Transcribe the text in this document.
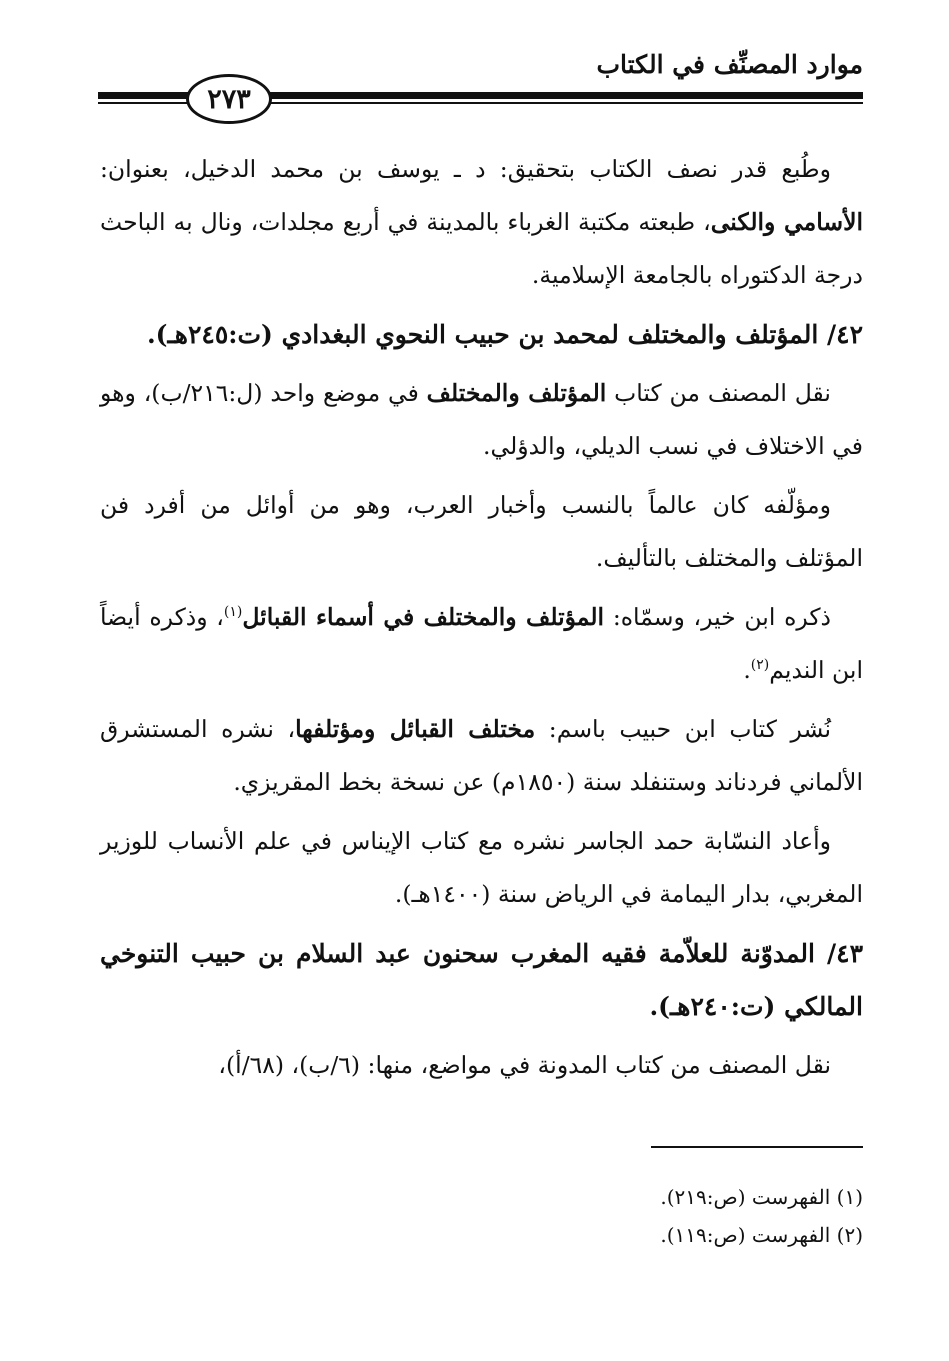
موارد المصنِّف في الكتاب
٢٧٣

وطُبع قدر نصف الكتاب بتحقيق: د ـ يوسف بن محمد الدخيل، بعنوان: الأسامي والكنى، طبعته مكتبة الغرباء بالمدينة في أربع مجلدات، ونال به الباحث درجة الدكتوراه بالجامعة الإسلامية.

٤٢/ المؤتلف والمختلف لمحمد بن حبيب النحوي البغدادي (ت:٢٤٥هـ).

نقل المصنف من كتاب المؤتلف والمختلف في موضع واحد (ل:٢١٦/ب)، وهو في الاختلاف في نسب الديلي، والدؤلي.

ومؤلّفه كان عالماً بالنسب وأخبار العرب، وهو من أوائل من أفرد فن المؤتلف والمختلف بالتأليف.

ذكره ابن خير، وسمّاه: المؤتلف والمختلف في أسماء القبائل$^{(١)}$، وذكره أيضاً ابن النديم$^{(٢)}$.

نُشر كتاب ابن حبيب باسم: مختلف القبائل ومؤتلفها، نشره المستشرق الألماني فردناند وستنفلد سنة (١٨٥٠م) عن نسخة بخط المقريزي.

وأعاد النسّابة حمد الجاسر نشره مع كتاب الإيناس في علم الأنساب للوزير المغربي، بدار اليمامة في الرياض سنة (١٤٠٠هـ).

٤٣/ المدوّنة للعلاّمة فقيه المغرب سحنون عبد السلام بن حبيب التنوخي المالكي (ت:٢٤٠هـ).

نقل المصنف من كتاب المدونة في مواضع، منها: (٦/ب)، (٦٨/أ)،

(١) الفهرست (ص:٢١٩).
(٢) الفهرست (ص:١١٩).
